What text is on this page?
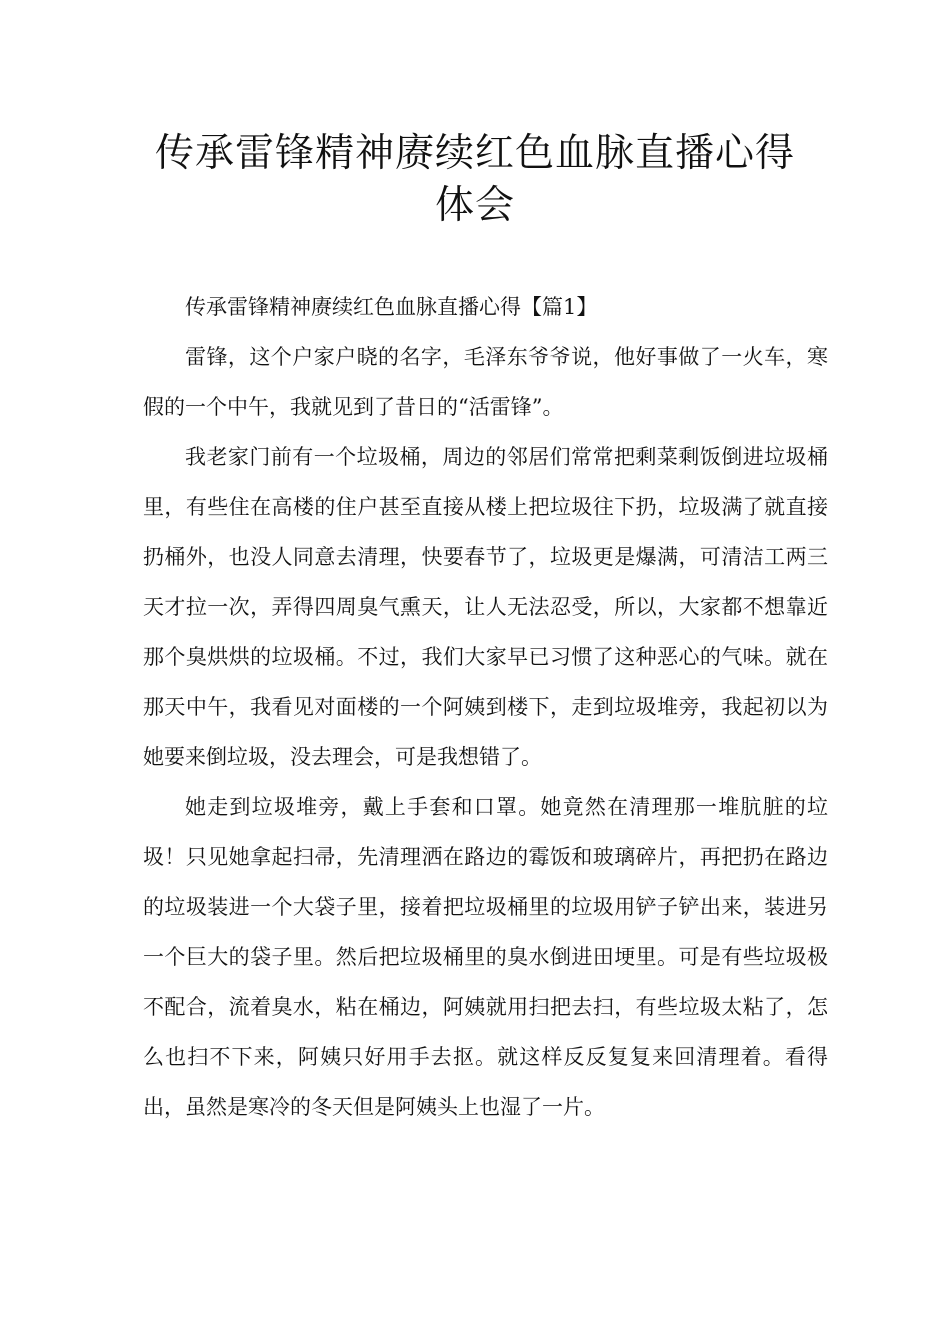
传承雷锋精神赓续红色血脉直播心得体会

传承雷锋精神赓续红色血脉直播心得【篇1】

雷锋，这个户家户晓的名字，毛泽东爷爷说，他好事做了一火车，寒假的一个中午，我就见到了昔日的“活雷锋”。

我老家门前有一个垃圾桶，周边的邻居们常常把剩菜剩饭倒进垃圾桶里，有些住在高楼的住户甚至直接从楼上把垃圾往下扔，垃圾满了就直接扔桶外，也没人同意去清理，快要春节了，垃圾更是爆满，可清洁工两三天才拉一次，弄得四周臭气熏天，让人无法忍受，所以，大家都不想靠近那个臭烘烘的垃圾桶。不过，我们大家早已习惯了这种恶心的气味。就在那天中午，我看见对面楼的一个阿姨到楼下，走到垃圾堆旁，我起初以为她要来倒垃圾，没去理会，可是我想错了。

她走到垃圾堆旁，戴上手套和口罩。她竟然在清理那一堆肮脏的垃圾！只见她拿起扫帚，先清理洒在路边的霉饭和玻璃碎片，再把扔在路边的垃圾装进一个大袋子里，接着把垃圾桶里的垃圾用铲子铲出来，装进另一个巨大的袋子里。然后把垃圾桶里的臭水倒进田埂里。可是有些垃圾极不配合，流着臭水，粘在桶边，阿姨就用扫把去扫，有些垃圾太粘了，怎么也扫不下来，阿姨只好用手去抠。就这样反反复复来回清理着。看得出，虽然是寒冷的冬天但是阿姨头上也湿了一片。
